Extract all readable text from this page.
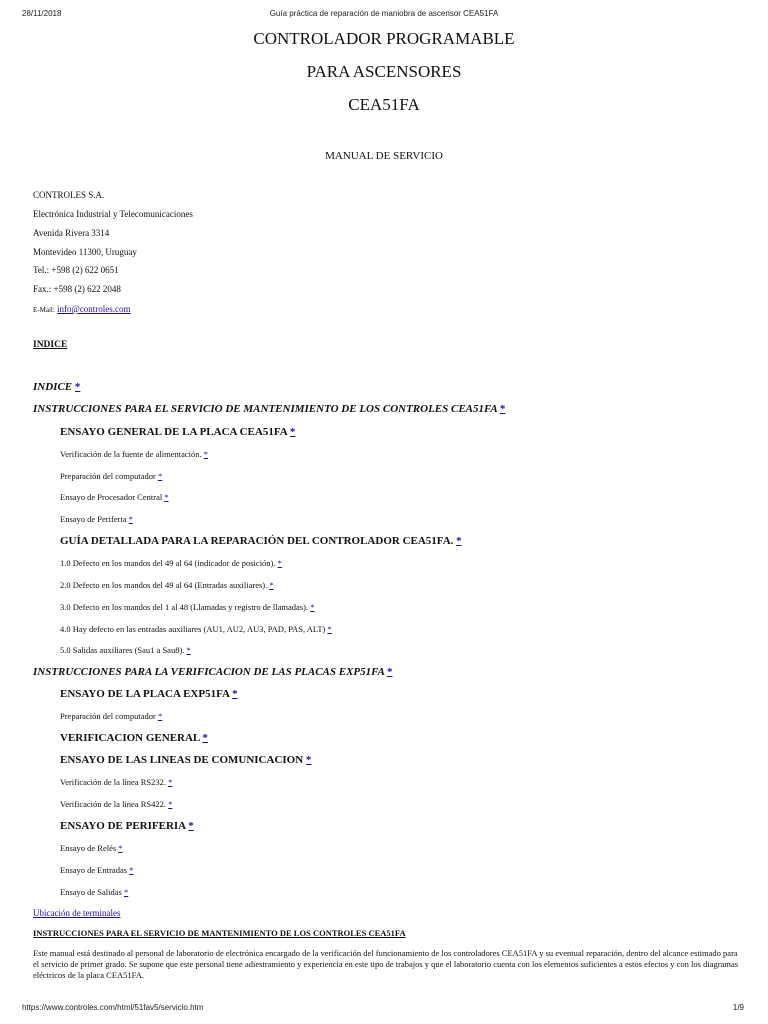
28/11/2018	Guía práctica de reparación de maniobra de ascensor CEA51FA
CONTROLADOR PROGRAMABLE
PARA ASCENSORES
CEA51FA
MANUAL DE SERVICIO
CONTROLES S.A.
Electrónica Industrial y Telecomunicaciones
Avenida Rivera 3314
Montevideo 11300, Uruguay
Tel.: +598 (2) 622 0651
Fax.: +598 (2) 622 2048
E-Mail: info@controles.com
INDICE
INDICE *
INSTRUCCIONES PARA EL SERVICIO DE MANTENIMIENTO DE LOS CONTROLES CEA51FA *
ENSAYO GENERAL DE LA PLACA CEA51FA *
Verificación de la fuente de alimentación. *
Preparación del computador *
Ensayo de Procesador Central *
Ensayo de Periferia *
GUÍA DETALLADA PARA LA REPARACIÓN DEL CONTROLADOR CEA51FA. *
1.0 Defecto en los mandos del 49 al 64 (indicador de posición). *
2.0 Defecto en los mandos del 49 al 64 (Entradas auxiliares). *
3.0 Defecto en los mandos del 1 al 48 (Llamadas y registro de llamadas). *
4.0 Hay defecto en las entradas auxiliares (AU1, AU2, AU3, PAD, PAS, ALT) *
5.0 Salidas auxiliares (Sau1 a Sau8). *
INSTRUCCIONES PARA LA VERIFICACION DE LAS PLACAS EXP51FA *
ENSAYO DE LA PLACA EXP51FA *
Preparación del computador *
VERIFICACION GENERAL *
ENSAYO DE LAS LINEAS DE COMUNICACION *
Verificación de la línea RS232. *
Verificación de la línea RS422. *
ENSAYO DE PERIFERIA *
Ensayo de Relés *
Ensayo de Entradas *
Ensayo de Salidas *
Ubicación de terminales
INSTRUCCIONES PARA EL SERVICIO DE MANTENIMIENTO DE LOS CONTROLES CEA51FA
Este manual está destinado al personal de laboratorio de electrónica encargado de la verificación del funcionamiento de los controladores CEA51FA y su eventual reparación, dentro del alcance estimado para el servicio de primer grado. Se supone que este personal tiene adiestramiento y experiencia en este tipo de trabajos y que el laboratorio cuenta con los elementos suficientes a estos efectos y con los diagramas eléctricos de la placa CEA51FA.
https://www.controles.com/html/51fav5/servicio.htm	1/9
